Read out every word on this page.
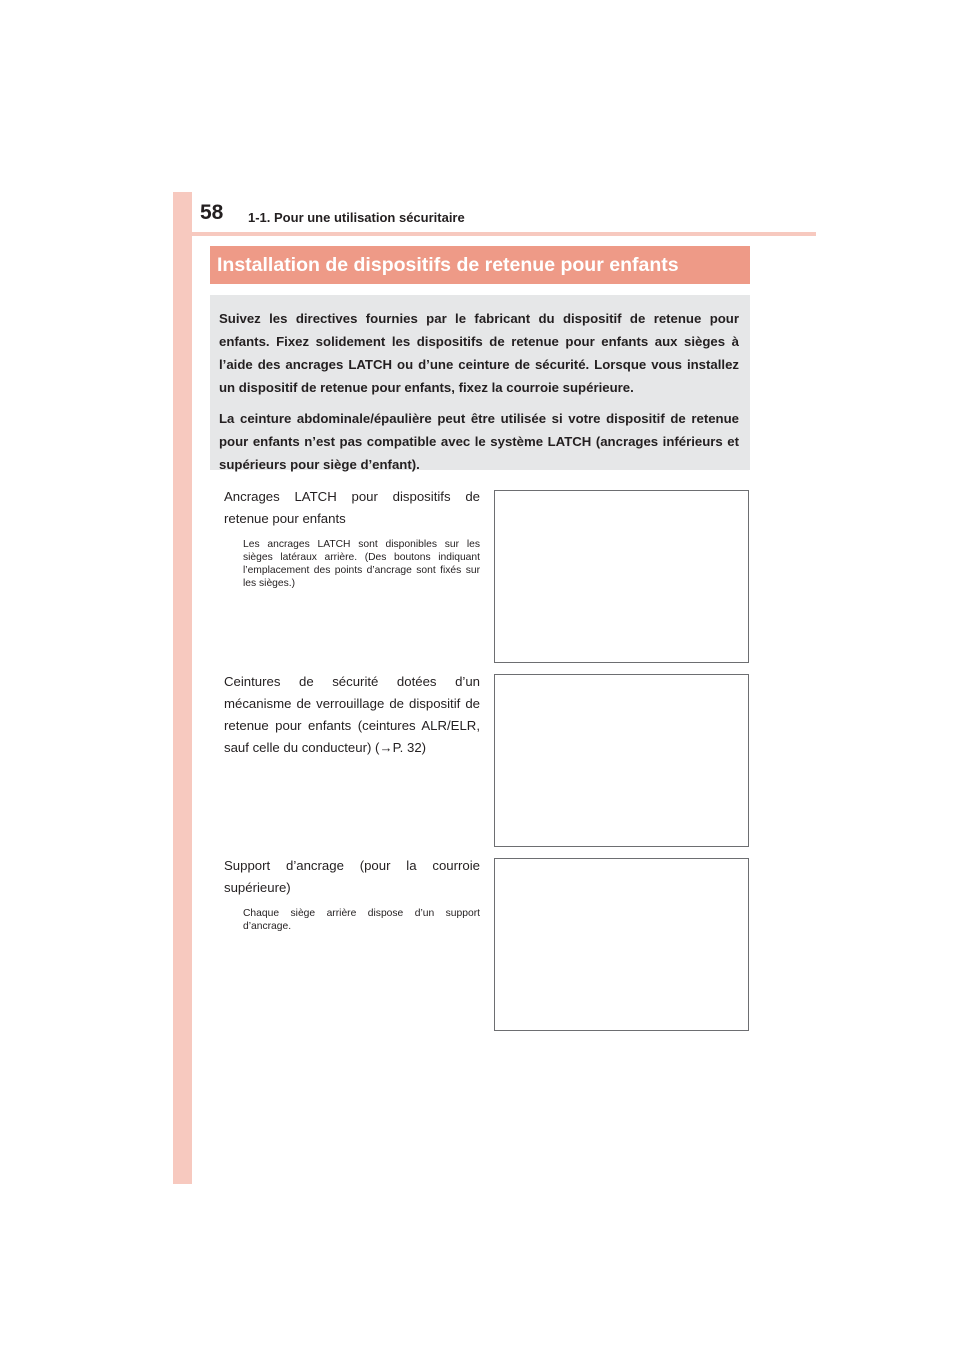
58 1-1. Pour une utilisation sécuritaire
Installation de dispositifs de retenue pour enfants

Suivez les directives fournies par le fabricant du dispositif de retenue pour enfants. Fixez solidement les dispositifs de retenue pour enfants aux sièges à l’aide des ancrages LATCH ou d’une ceinture de sécurité. Lorsque vous installez un dispositif de retenue pour enfants, fixez la courroie supérieure.

La ceinture abdominale/épaulière peut être utilisée si votre dispositif de retenue pour enfants n’est pas compatible avec le système LATCH (ancrages inférieurs et supérieurs pour siège d’enfant).

Ancrages LATCH pour dispositifs de retenue pour enfants

Les ancrages LATCH sont disponibles sur les sièges latéraux arrière. (Des boutons indiquant l’emplacement des points d’ancrage sont fixés sur les sièges.)

Ceintures de sécurité dotées d’un mécanisme de verrouillage de dispositif de retenue pour enfants (ceintures ALR/ELR, sauf celle du conducteur) (→P. 32)

Support d’ancrage (pour la courroie supérieure)

Chaque siège arrière dispose d’un support d’ancrage.
